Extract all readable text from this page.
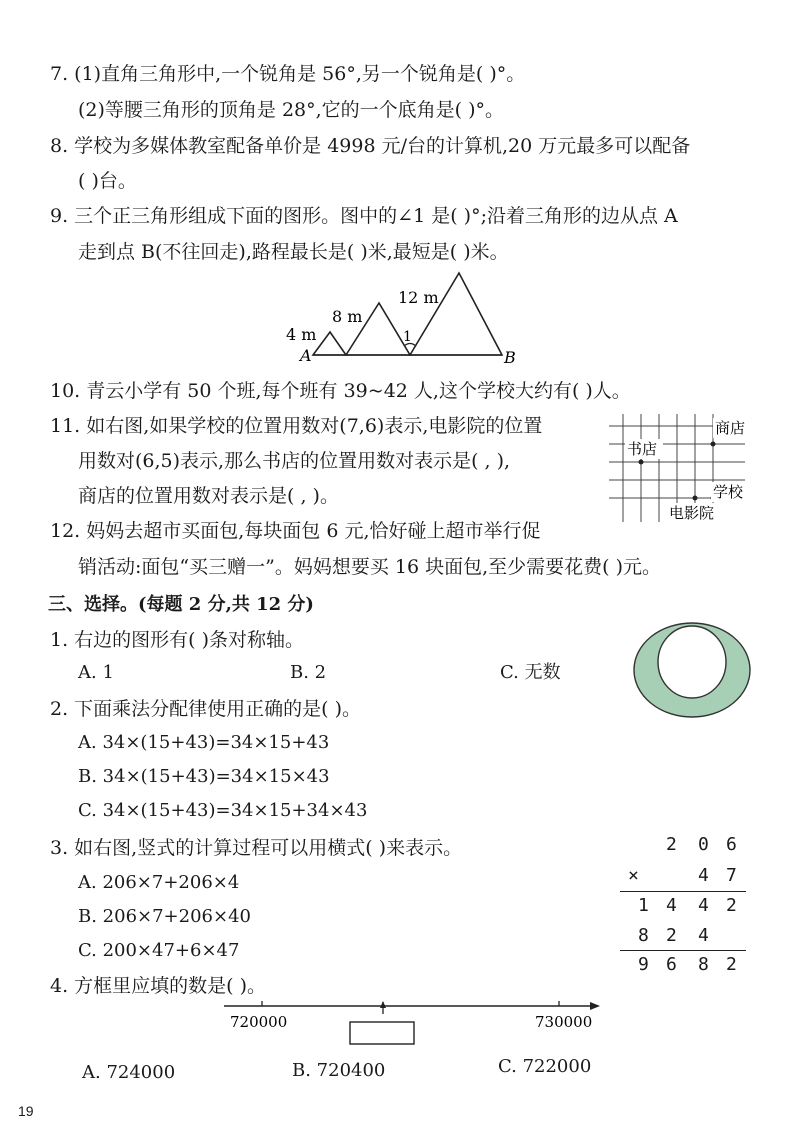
7. (1)直角三角形中,一个锐角是 56°,另一个锐角是( )°。
(2)等腰三角形的顶角是 28°,它的一个底角是( )°。
8. 学校为多媒体教室配备单价是 4998 元/台的计算机,20 万元最多可以配备
( )台。
9. 三个正三角形组成下面的图形。图中的∠1 是( )°;沿着三角形的边从点 A
走到点 B(不往回走),路程最长是( )米,最短是( )米。
4 m
8 m
12 m
1
A	B
10. 青云小学有 50 个班,每个班有 39~42 人,这个学校大约有( )人。
11. 如右图,如果学校的位置用数对(7,6)表示,电影院的位置
用数对(6,5)表示,那么书店的位置用数对表示是( , ),
商店的位置用数对表示是( , )。
商店
书店
学校
电影院
12. 妈妈去超市买面包,每块面包 6 元,恰好碰上超市举行促
销活动:面包“买三赠一”。妈妈想要买 16 块面包,至少需要花费( )元。
三、选择。(每题 2 分,共 12 分)
1. 右边的图形有( )条对称轴。
A. 1	B. 2	C. 无数
2. 下面乘法分配律使用正确的是( )。
A. 34×(15+43)=34×15+43
B. 34×(15+43)=34×15×43
C. 34×(15+43)=34×15+34×43
3. 如右图,竖式的计算过程可以用横式( )来表示。
A. 206×7+206×4
B. 206×7+206×40
C. 200×47+6×47
2 0 6
×	4 7
1 4 4 2
8 2 4
9 6 8 2
4. 方框里应填的数是( )。
720000	730000
A. 724000	B. 720400	C. 722000
19
